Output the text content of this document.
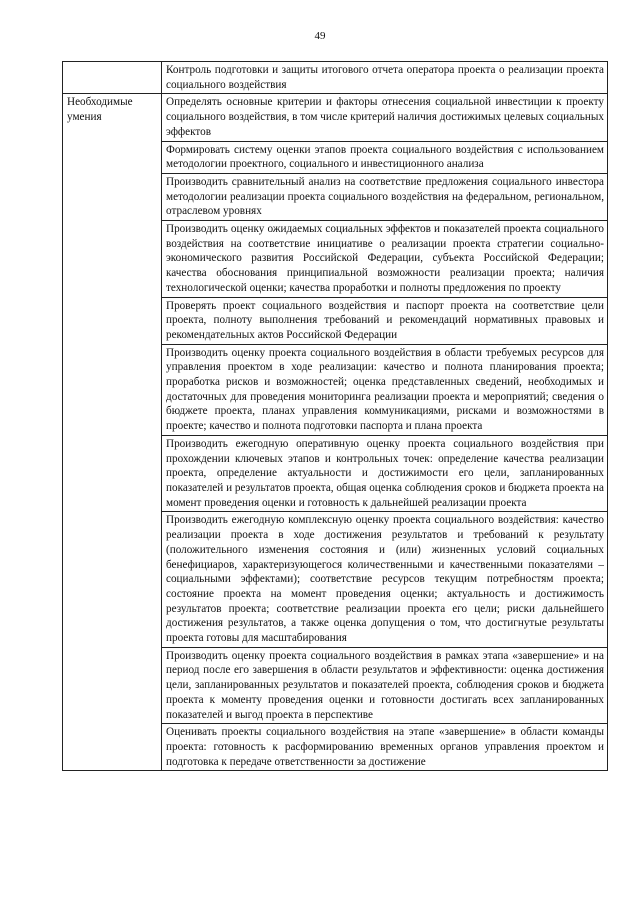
49
	Контроль подготовки и защиты итогового отчета оператора проекта о реализации проекта социального воздействия
Необходимые умения	Определять основные критерии и факторы отнесения социальной инвестиции к проекту социального воздействия, в том числе критерий наличия достижимых целевых социальных эффектов
	Формировать систему оценки этапов проекта социального воздействия с использованием методологии проектного, социального и инвестиционного анализа
	Производить сравнительный анализ на соответствие предложения социального инвестора методологии реализации проекта социального воздействия на федеральном, региональном, отраслевом уровнях
	Производить оценку ожидаемых социальных эффектов и показателей проекта социального воздействия на соответствие инициативе о реализации проекта стратегии социально-экономического развития Российской Федерации, субъекта Российской Федерации; качества обоснования принципиальной возможности реализации проекта; наличия технологической оценки; качества проработки и полноты предложения по проекту
	Проверять проект социального воздействия и паспорт проекта на соответствие цели проекта, полноту выполнения требований и рекомендаций нормативных правовых и рекомендательных актов Российской Федерации
	Производить оценку проекта социального воздействия в области требуемых ресурсов для управления проектом в ходе реализации: качество и полнота планирования проекта; проработка рисков и возможностей; оценка представленных сведений, необходимых и достаточных для проведения мониторинга реализации проекта и мероприятий; сведения о бюджете проекта, планах управления коммуникациями, рисками и возможностями в проекте; качество и полнота подготовки паспорта и плана проекта
	Производить ежегодную оперативную оценку проекта социального воздействия при прохождении ключевых этапов и контрольных точек: определение качества реализации проекта, определение актуальности и достижимости его цели, запланированных показателей и результатов проекта, общая оценка соблюдения сроков и бюджета проекта на момент проведения оценки и готовность к дальнейшей реализации проекта
	Производить ежегодную комплексную оценку проекта социального воздействия: качество реализации проекта в ходе достижения результатов и требований к результату (положительного изменения состояния и (или) жизненных условий социальных бенефициаров, характеризующегося количественными и качественными показателями – социальными эффектами); соответствие ресурсов текущим потребностям проекта; состояние проекта на момент проведения оценки; актуальность и достижимость результатов проекта; соответствие реализации проекта его цели; риски дальнейшего достижения результатов, а также оценка допущения о том, что достигнутые результаты проекта готовы для масштабирования
	Производить оценку проекта социального воздействия в рамках этапа «завершение» и на период после его завершения в области результатов и эффективности: оценка достижения цели, запланированных результатов и показателей проекта, соблюдения сроков и бюджета проекта к моменту проведения оценки и готовности достигать всех запланированных показателей и выгод проекта в перспективе
	Оценивать проекты социального воздействия на этапе «завершение» в области команды проекта: готовность к расформированию временных органов управления проектом и подготовка к передаче ответственности за достижение
